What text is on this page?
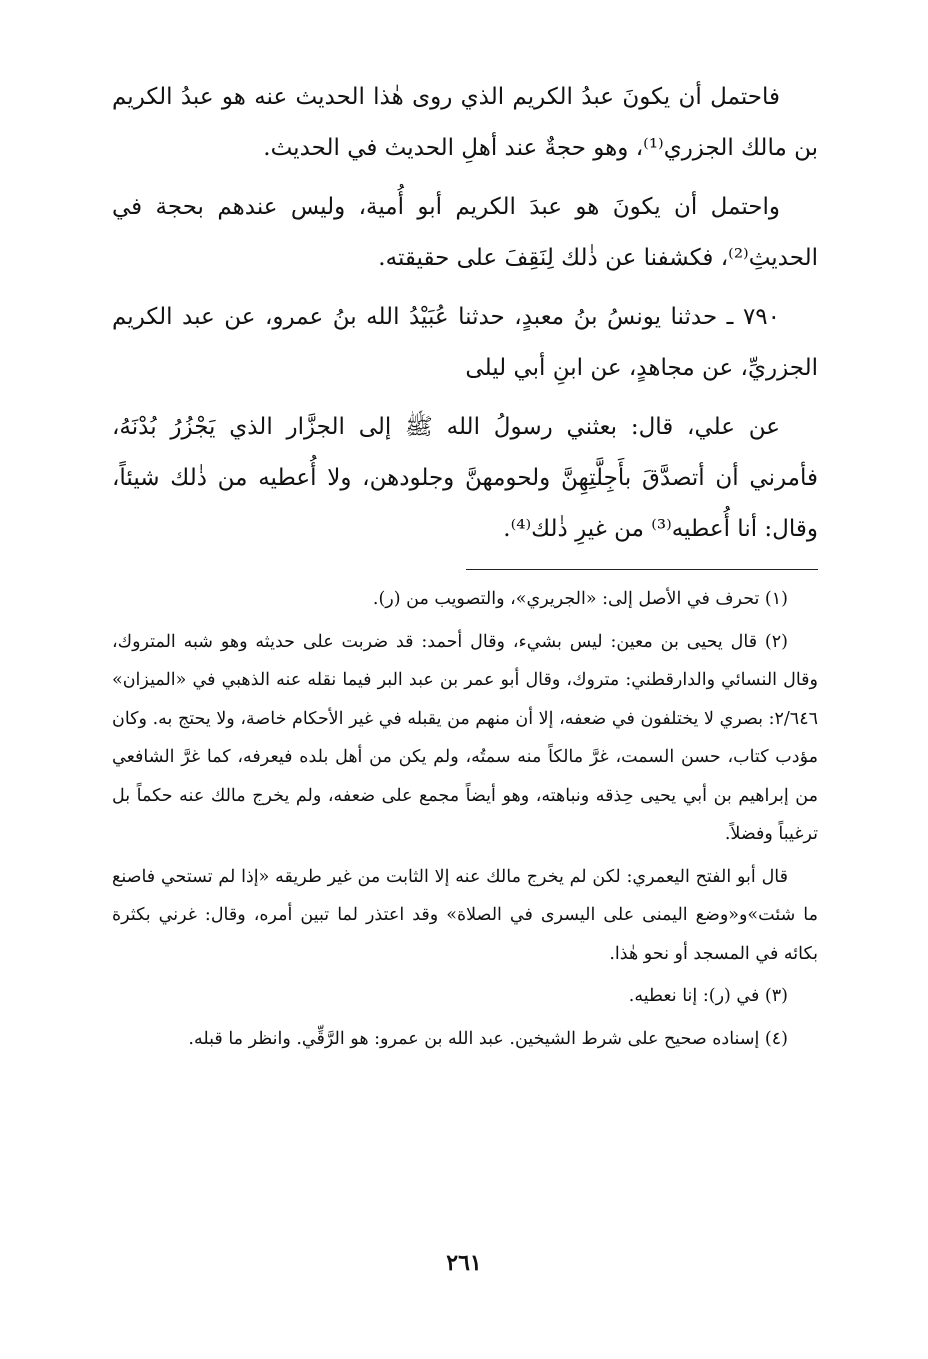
فاحتمل أن يكونَ عبدُ الكريم الذي روى هٰذا الحديث عنه هو عبدُ الكريم بن مالك الجزري⁽¹⁾، وهو حجةٌ عند أهلِ الحديث في الحديث.

واحتمل أن يكونَ هو عبدَ الكريم أبو أُمية، وليس عندهم بحجة في الحديثِ⁽²⁾، فكشفنا عن ذٰلك لِنَقِفَ على حقيقته.

٧٩٠ ـ حدثنا يونسُ بنُ معبدٍ، حدثنا عُبَيْدُ الله بنُ عمرو، عن عبد الكريم الجزريِّ، عن مجاهدٍ، عن ابنِ أبي ليلى

عن علي، قال: بعثني رسولُ الله ﷺ إلى الجزَّار الذي يَجْزُرُ بُدْنَهُ، فأمرني أن أتصدَّقَ بأَجِلَّتِهِنَّ ولحومهنَّ وجلودهن، ولا أُعطيه من ذٰلك شيئاً، وقال: أنا أُعطيه⁽³⁾ من غيرِ ذٰلك⁽⁴⁾.

(١) تحرف في الأصل إلى: «الجريري»، والتصويب من (ر).

(٢) قال يحيى بن معين: ليس بشيء، وقال أحمد: قد ضربت على حديثه وهو شبه المتروك، وقال النسائي والدارقطني: متروك، وقال أبو عمر بن عبد البر فيما نقله عنه الذهبي في «الميزان» ٢/٦٤٦: بصري لا يختلفون في ضعفه، إلا أن منهم من يقبله في غير الأحكام خاصة، ولا يحتج به. وكان مؤدب كتاب، حسن السمت، غرَّ مالكاً منه سمتُه، ولم يكن من أهل بلده فيعرفه، كما غرَّ الشافعي من إبراهيم بن أبي يحيى حِذقه ونباهته، وهو أيضاً مجمع على ضعفه، ولم يخرج مالك عنه حكماً بل ترغيباً وفضلاً.

قال أبو الفتح اليعمري: لكن لم يخرج مالك عنه إلا الثابت من غير طريقه «إذا لم تستحي فاصنع ما شئت»و«وضع اليمنى على اليسرى في الصلاة» وقد اعتذر لما تبين أمره، وقال: غرني بكثرة بكائه في المسجد أو نحو هٰذا.

(٣) في (ر): إنا نعطيه.

(٤) إسناده صحيح على شرط الشيخين. عبد الله بن عمرو: هو الرَّقِّي. وانظر ما قبله.

٢٦١
